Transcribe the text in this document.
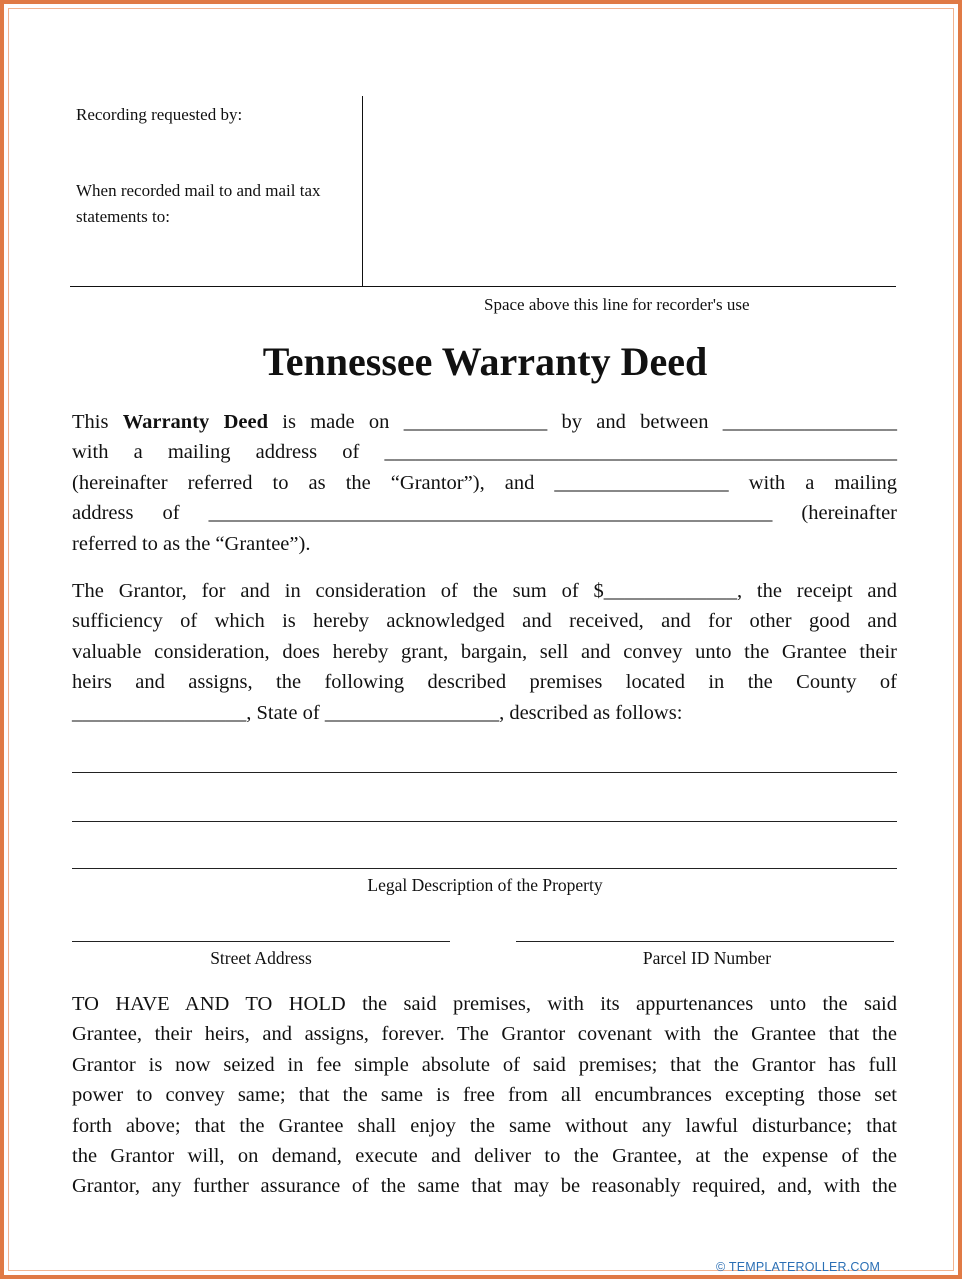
Recording requested by:
When recorded mail to and mail tax statements to:
Space above this line for recorder's use
Tennessee Warranty Deed
This Warranty Deed is made on ______________ by and between _________________
with a mailing address of __________________________________________________
(hereinafter referred to as the “Grantor”), and _________________ with a mailing
address of _______________________________________________________ (hereinafter
referred to as the “Grantee”).
The Grantor, for and in consideration of the sum of $_____________, the receipt and
sufficiency of which is hereby acknowledged and received, and for other good and
valuable consideration, does hereby grant, bargain, sell and convey unto the Grantee their
heirs and assigns, the following described premises located in the County of
_________________, State of _________________, described as follows:
Legal Description of the Property
Street Address	Parcel ID Number
TO HAVE AND TO HOLD the said premises, with its appurtenances unto the said
Grantee, their heirs, and assigns, forever. The Grantor covenant with the Grantee that the
Grantor is now seized in fee simple absolute of said premises; that the Grantor has full
power to convey same; that the same is free from all encumbrances excepting those set
forth above; that the Grantee shall enjoy the same without any lawful disturbance; that
the Grantor will, on demand, execute and deliver to the Grantee, at the expense of the
Grantor, any further assurance of the same that may be reasonably required, and, with the
© TEMPLATEROLLER.COM
